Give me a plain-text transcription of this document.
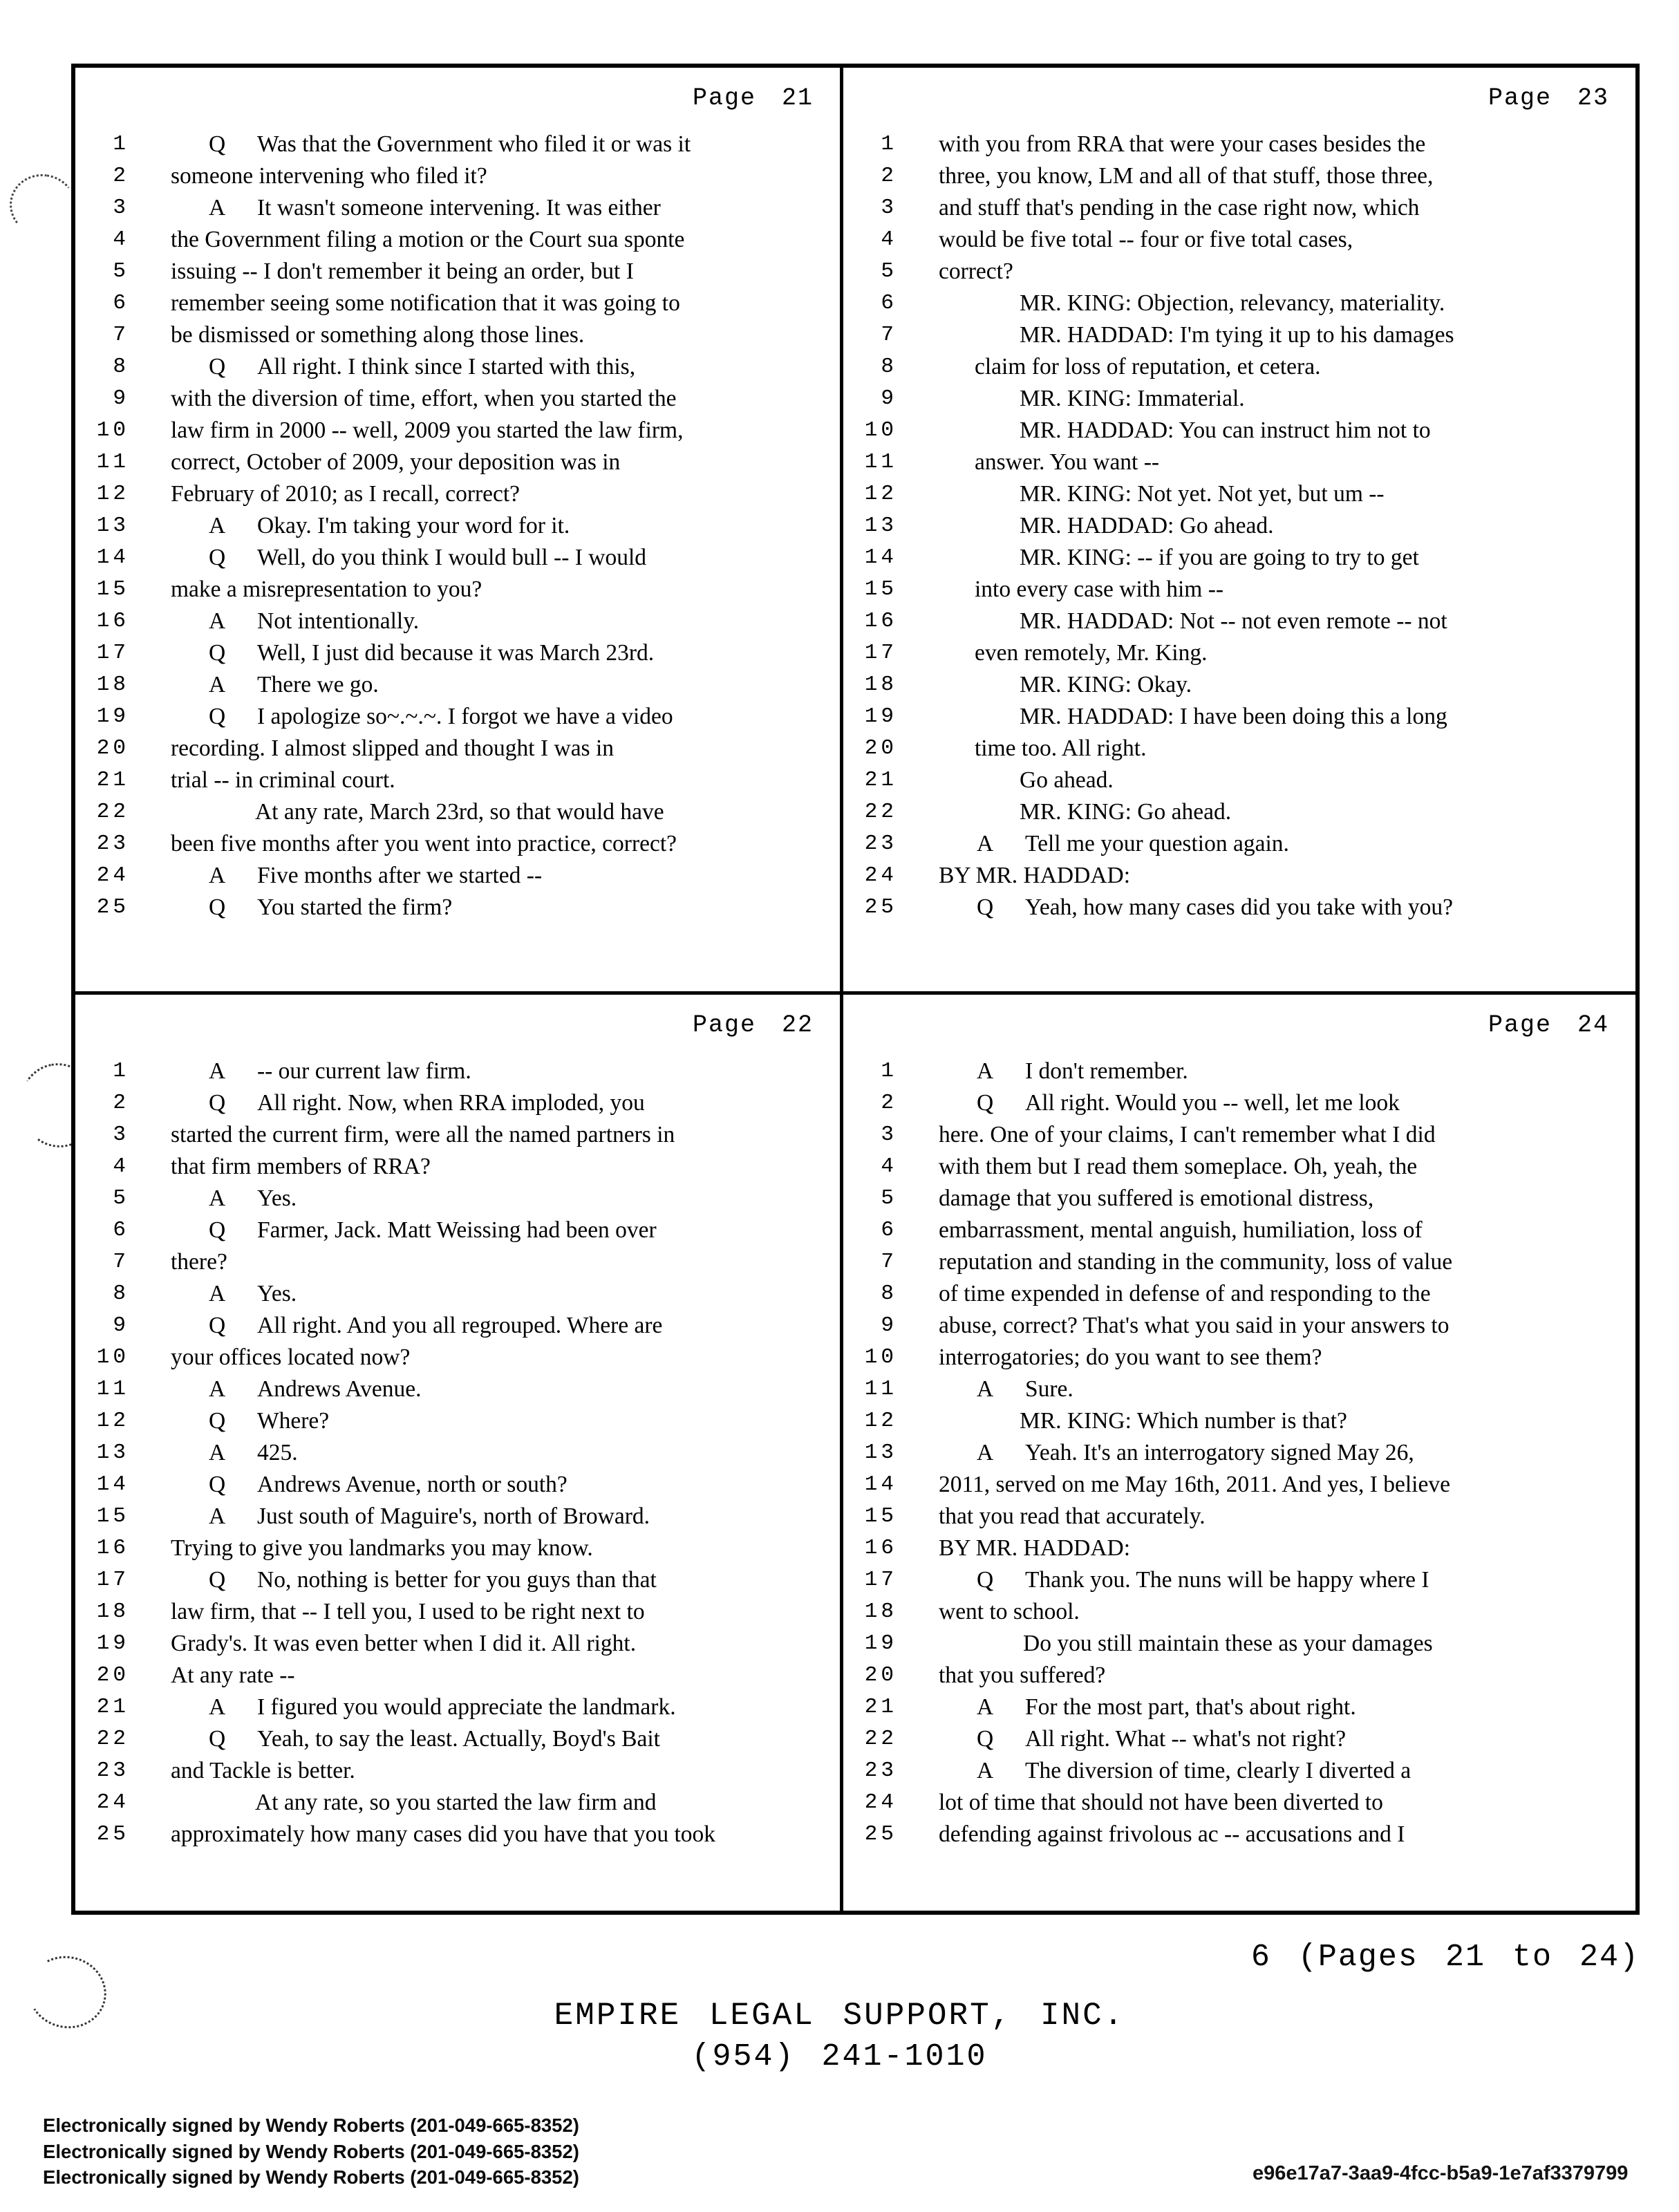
Page 21
1	Q Was that the Government who filed it or was it
2 someone intervening who filed it?
3	A It wasn't someone intervening. It was either
4 the Government filing a motion or the Court sua sponte
5 issuing -- I don't remember it being an order, but I
6 remember seeing some notification that it was going to
7 be dismissed or something along those lines.
8	Q All right. I think since I started with this,
9 with the diversion of time, effort, when you started the
10 law firm in 2000 -- well, 2009 you started the law firm,
11 correct, October of 2009, your deposition was in
12 February of 2010; as I recall, correct?
13	A Okay. I'm taking your word for it.
14	Q Well, do you think I would bull -- I would
15 make a misrepresentation to you?
16	A Not intentionally.
17	Q Well, I just did because it was March 23rd.
18	A There we go.
19	Q I apologize so~.~.~. I forgot we have a video
20 recording. I almost slipped and thought I was in
21 trial -- in criminal court.
22	At any rate, March 23rd, so that would have
23 been five months after you went into practice, correct?
24	A Five months after we started --
25	Q You started the firm?
Page 23
1 with you from RRA that were your cases besides the
2 three, you know, LM and all of that stuff, those three,
3 and stuff that's pending in the case right now, which
4 would be five total -- four or five total cases,
5 correct?
6	MR. KING: Objection, relevancy, materiality.
7	MR. HADDAD: I'm tying it up to his damages
8	claim for loss of reputation, et cetera.
9	MR. KING: Immaterial.
10	MR. HADDAD: You can instruct him not to
11	answer. You want --
12	MR. KING: Not yet. Not yet, but um --
13	MR. HADDAD: Go ahead.
14	MR. KING: -- if you are going to try to get
15	into every case with him --
16	MR. HADDAD: Not -- not even remote -- not
17	even remotely, Mr. King.
18	MR. KING: Okay.
19	MR. HADDAD: I have been doing this a long
20	time too. All right.
21	Go ahead.
22	MR. KING: Go ahead.
23	A Tell me your question again.
24 BY MR. HADDAD:
25	Q Yeah, how many cases did you take with you?
Page 22
1	A -- our current law firm.
2	Q All right. Now, when RRA imploded, you
3 started the current firm, were all the named partners in
4 that firm members of RRA?
5	A Yes.
6	Q Farmer, Jack. Matt Weissing had been over
7 there?
8	A Yes.
9	Q All right. And you all regrouped. Where are
10 your offices located now?
11	A Andrews Avenue.
12	Q Where?
13	A 425.
14	Q Andrews Avenue, north or south?
15	A Just south of Maguire's, north of Broward.
16 Trying to give you landmarks you may know.
17	Q No, nothing is better for you guys than that
18 law firm, that -- I tell you, I used to be right next to
19 Grady's. It was even better when I did it. All right.
20 At any rate --
21	A I figured you would appreciate the landmark.
22	Q Yeah, to say the least. Actually, Boyd's Bait
23 and Tackle is better.
24	At any rate, so you started the law firm and
25 approximately how many cases did you have that you took
Page 24
1	A I don't remember.
2	Q All right. Would you -- well, let me look
3 here. One of your claims, I can't remember what I did
4 with them but I read them someplace. Oh, yeah, the
5 damage that you suffered is emotional distress,
6 embarrassment, mental anguish, humiliation, loss of
7 reputation and standing in the community, loss of value
8 of time expended in defense of and responding to the
9 abuse, correct? That's what you said in your answers to
10 interrogatories; do you want to see them?
11	A Sure.
12	MR. KING: Which number is that?
13	A Yeah. It's an interrogatory signed May 26,
14 2011, served on me May 16th, 2011. And yes, I believe
15 that you read that accurately.
16 BY MR. HADDAD:
17	Q Thank you. The nuns will be happy where I
18 went to school.
19	Do you still maintain these as your damages
20 that you suffered?
21	A For the most part, that's about right.
22	Q All right. What -- what's not right?
23	A The diversion of time, clearly I diverted a
24 lot of time that should not have been diverted to
25 defending against frivolous ac -- accusations and I
6 (Pages 21 to 24)
EMPIRE LEGAL SUPPORT, INC.
(954) 241-1010
Electronically signed by Wendy Roberts (201-049-665-8352)
Electronically signed by Wendy Roberts (201-049-665-8352)
Electronically signed by Wendy Roberts (201-049-665-8352)	e96e17a7-3aa9-4fcc-b5a9-1e7af3379799
